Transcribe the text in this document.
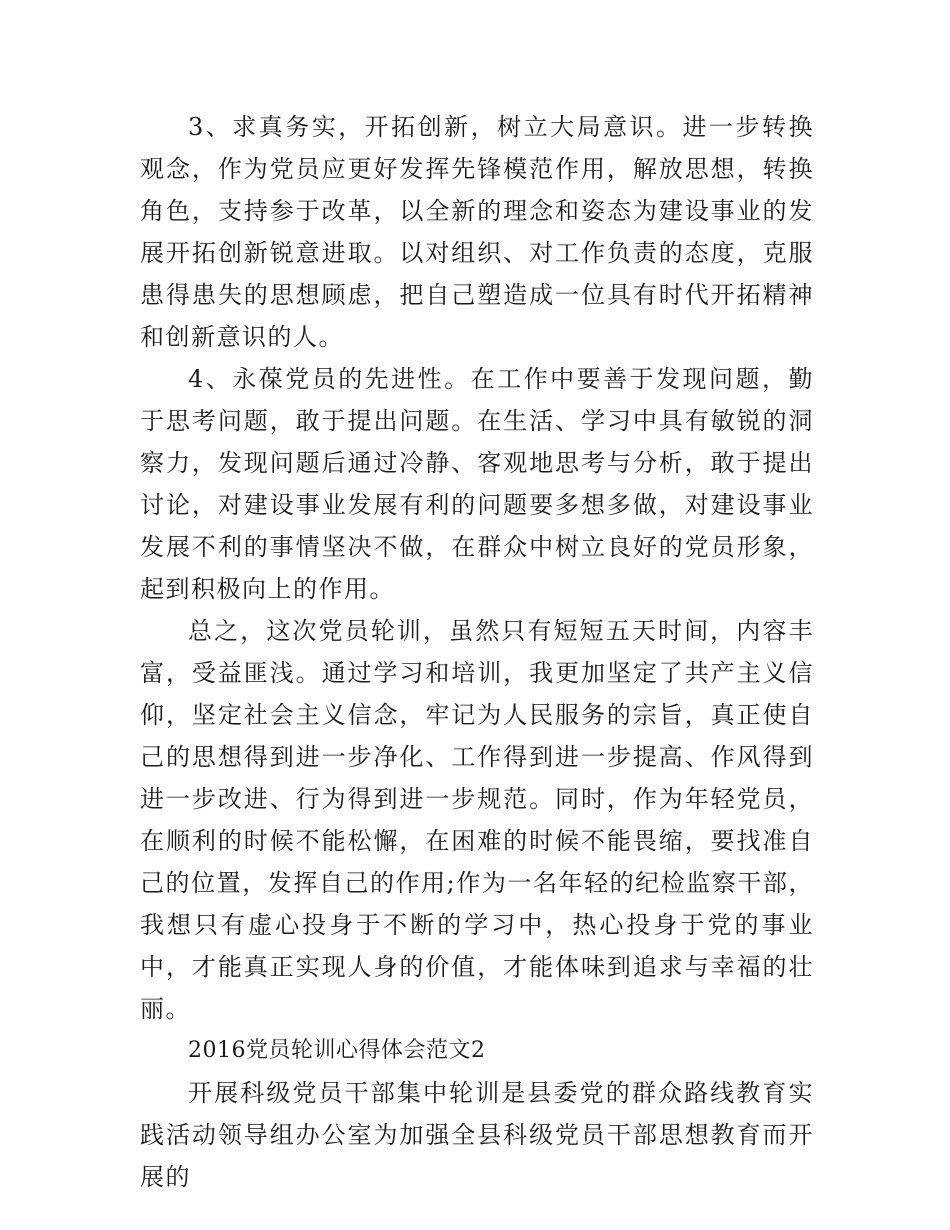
3、求真务实，开拓创新，树立大局意识。进一步转换观念，作为党员应更好发挥先锋模范作用，解放思想，转换角色，支持参于改革，以全新的理念和姿态为建设事业的发展开拓创新锐意进取。以对组织、对工作负责的态度，克服患得患失的思想顾虑，把自己塑造成一位具有时代开拓精神和创新意识的人。

4、永葆党员的先进性。在工作中要善于发现问题，勤于思考问题，敢于提出问题。在生活、学习中具有敏锐的洞察力，发现问题后通过冷静、客观地思考与分析，敢于提出讨论，对建设事业发展有利的问题要多想多做，对建设事业发展不利的事情坚决不做，在群众中树立良好的党员形象，起到积极向上的作用。

总之，这次党员轮训，虽然只有短短五天时间，内容丰富，受益匪浅。通过学习和培训，我更加坚定了共产主义信仰，坚定社会主义信念，牢记为人民服务的宗旨，真正使自己的思想得到进一步净化、工作得到进一步提高、作风得到进一步改进、行为得到进一步规范。同时，作为年轻党员，在顺利的时候不能松懈，在困难的时候不能畏缩，要找准自己的位置，发挥自己的作用;作为一名年轻的纪检监察干部，我想只有虚心投身于不断的学习中，热心投身于党的事业中，才能真正实现人身的价值，才能体味到追求与幸福的壮丽。

2016党员轮训心得体会范文2

开展科级党员干部集中轮训是县委党的群众路线教育实践活动领导组办公室为加强全县科级党员干部思想教育而开展的
